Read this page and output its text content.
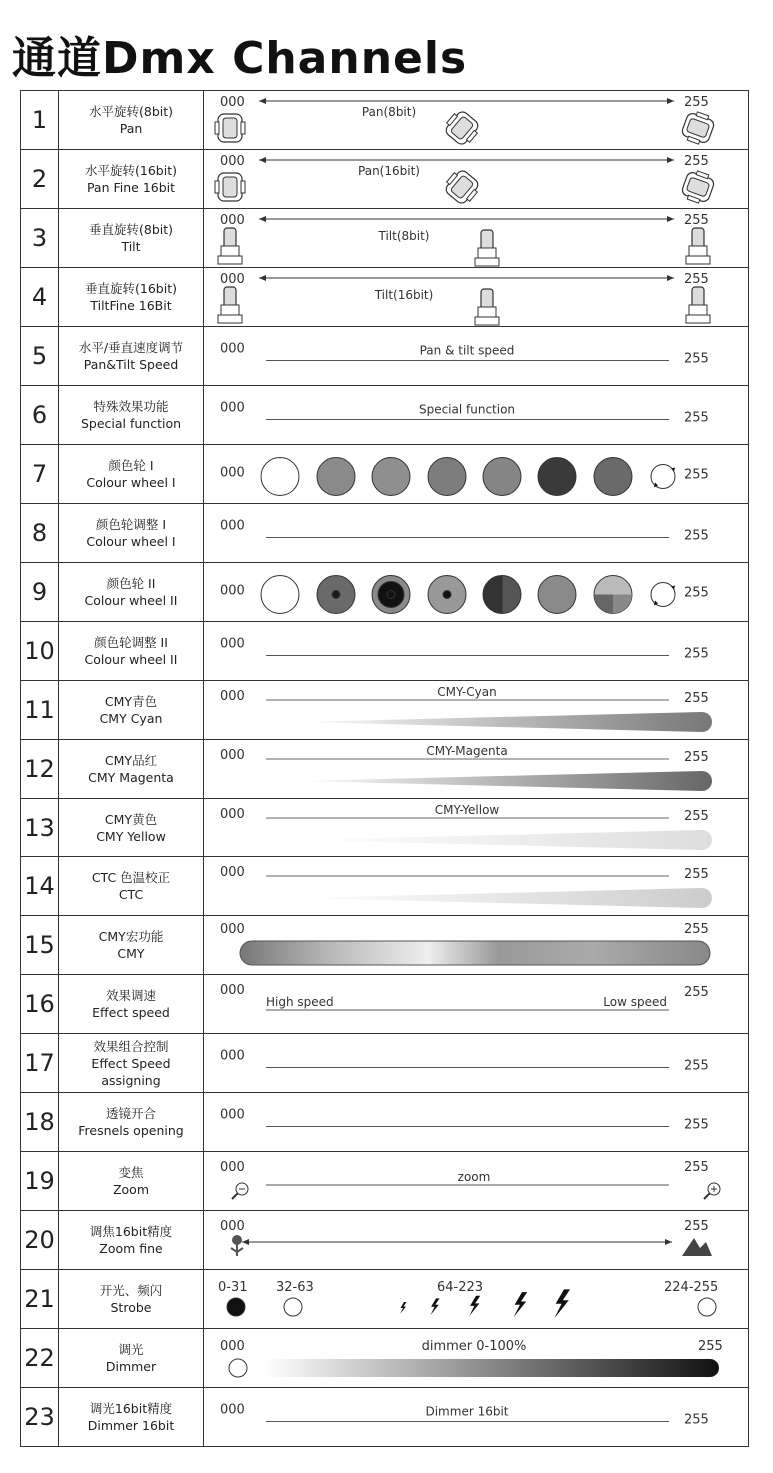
通道Dmx Channels
1	水平旋转(8bit)
Pan	000 255
Pan(8bit)

2	水平旋转(16bit)
Pan Fine 16bit	000 255
Pan(16bit)

3	垂直旋转(8bit)
Tilt	000 255
Tilt(8bit)

4	垂直旋转(16bit)
TiltFine 16Bit	000 255
Tilt(16bit)

5	水平/垂直速度调节
Pan&Tilt Speed	000
255
Pan & tilt speed

6	特殊效果功能
Special function	000
255
Special function

7	颜色轮 I
Colour wheel I	000 255

8	颜色轮调整 I
Colour wheel I	000
255

9	颜色轮 II
Colour wheel II	000 255

10	颜色轮调整 II
Colour wheel II	000
255

11	CMY青色
CMY Cyan	000 255
CMY-Cyan

12	CMY品红
CMY Magenta	000 255
CMY-Magenta

13	CMY黄色
CMY Yellow	000 255
CMY-Yellow

14	CTC 色温校正
CTC	000 255

15	CMY宏功能
CMY	000 255

16	效果调速
Effect speed	000 255
High speed Low speed

17	效果组合控制
Effect Speed
assigning	000
255

18	透镜开合
Fresnels opening	000
255

19	变焦
Zoom	000 255
zoom

20	调焦16bit精度
Zoom fine	000 255

21	开光、频闪
Strobe	0-31 32-63 64-223 224-255

22	调光
Dimmer	000 255
dimmer 0-100%

23	调光16bit精度
Dimmer 16bit	000
255
Dimmer 16bit
